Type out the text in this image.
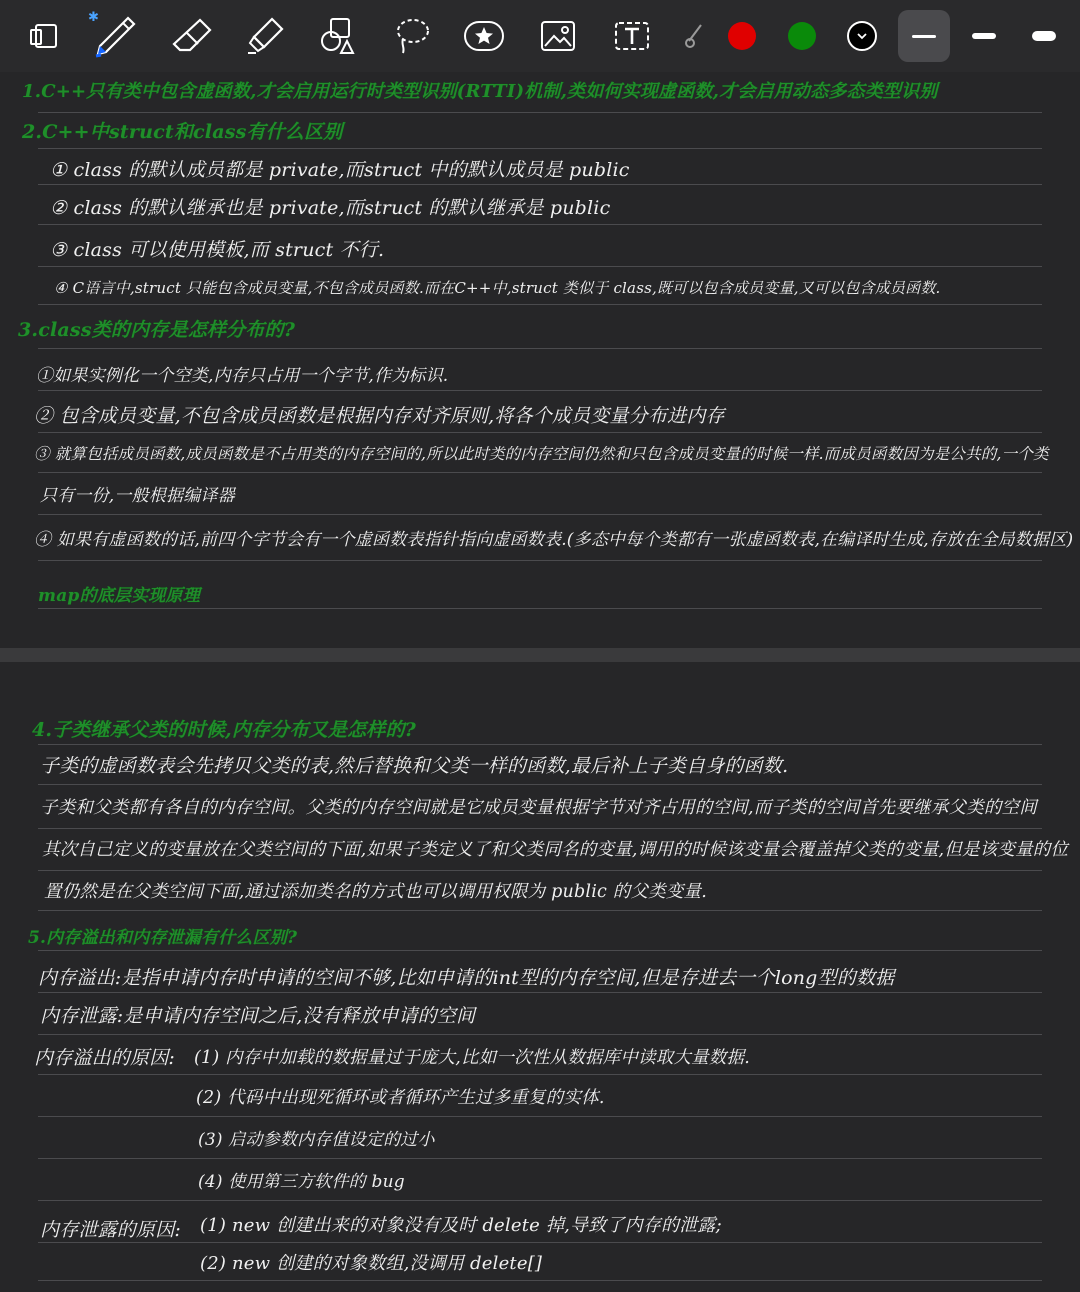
✱
1.C++只有类中包含虚函数,才会启用运行时类型识别(RTTI)机制,类如何实现虚函数,才会启用动态多态类型识别
2.C++中struct和class有什么区别
① class 的默认成员都是 private,而struct 中的默认成员是 public
② class 的默认继承也是 private,而struct 的默认继承是 public
③ class 可以使用模板,而 struct 不行.
④ C语言中,struct 只能包含成员变量,不包含成员函数.而在C++中,struct 类似于 class,既可以包含成员变量,又可以包含成员函数.
3.class类的内存是怎样分布的?
①如果实例化一个空类,内存只占用一个字节,作为标识.
② 包含成员变量,不包含成员函数是根据内存对齐原则,将各个成员变量分布进内存
③ 就算包括成员函数,成员函数是不占用类的内存空间的,所以此时类的内存空间仍然和只包含成员变量的时候一样.而成员函数因为是公共的,一个类
只有一份,一般根据编译器
④ 如果有虚函数的话,前四个字节会有一个虚函数表指针指向虚函数表.(多态中每个类都有一张虚函数表,在编译时生成,存放在全局数据区)
map的底层实现原理
4.子类继承父类的时候,内存分布又是怎样的?
子类的虚函数表会先拷贝父类的表,然后替换和父类一样的函数,最后补上子类自身的函数.
子类和父类都有各自的内存空间。父类的内存空间就是它成员变量根据字节对齐占用的空间,而子类的空间首先要继承父类的空间
其次自己定义的变量放在父类空间的下面,如果子类定义了和父类同名的变量,调用的时候该变量会覆盖掉父类的变量,但是该变量的位
置仍然是在父类空间下面,通过添加类名的方式也可以调用权限为 public 的父类变量.
5.内存溢出和内存泄漏有什么区别?
内存溢出:是指申请内存时申请的空间不够,比如申请的int型的内存空间,但是存进去一个long型的数据
内存泄露:是申请内存空间之后,没有释放申请的空间
内存溢出的原因: (1) 内存中加载的数据量过于庞大,比如一次性从数据库中读取大量数据.
(2) 代码中出现死循环或者循环产生过多重复的实体.
(3) 启动参数内存值设定的过小
(4) 使用第三方软件的 bug
内存泄露的原因: (1) new 创建出来的对象没有及时 delete 掉,导致了内存的泄露;
(2) new 创建的对象数组,没调用 delete[]
